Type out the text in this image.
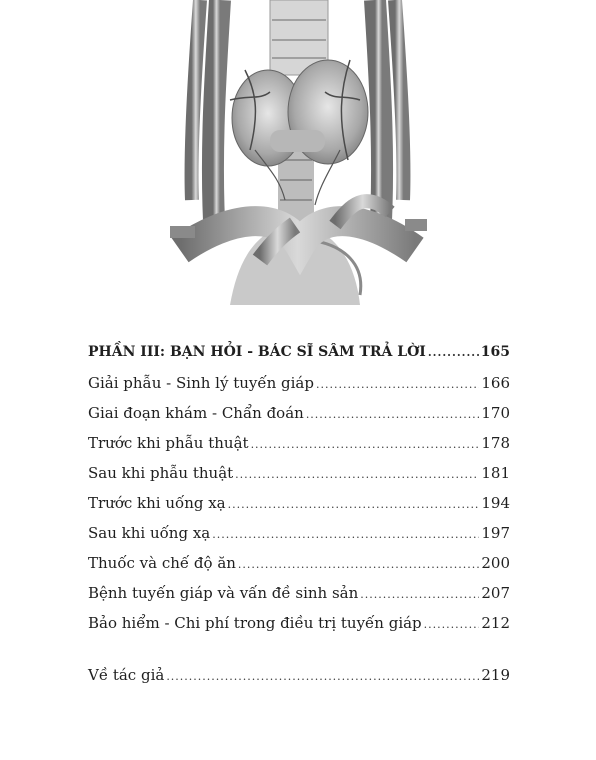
PHẦN III: BẠN HỎI - BÁC SĨ SÂM TRẢ LỜI .....	165
Giải phẫu - Sinh lý tuyến giáp .....	166
Giai đoạn khám - Chẩn đoán .....	170
Trước khi phẫu thuật .....	178
Sau khi phẫu thuật .....	181
Trước khi uống xạ .....	194
Sau khi uống xạ .....	197
Thuốc và chế độ ăn .....	200
Bệnh tuyến giáp và vấn đề sinh sản .....	207
Bảo hiểm - Chi phí trong điều trị tuyến giáp .....	212
Về tác giả .....	219
